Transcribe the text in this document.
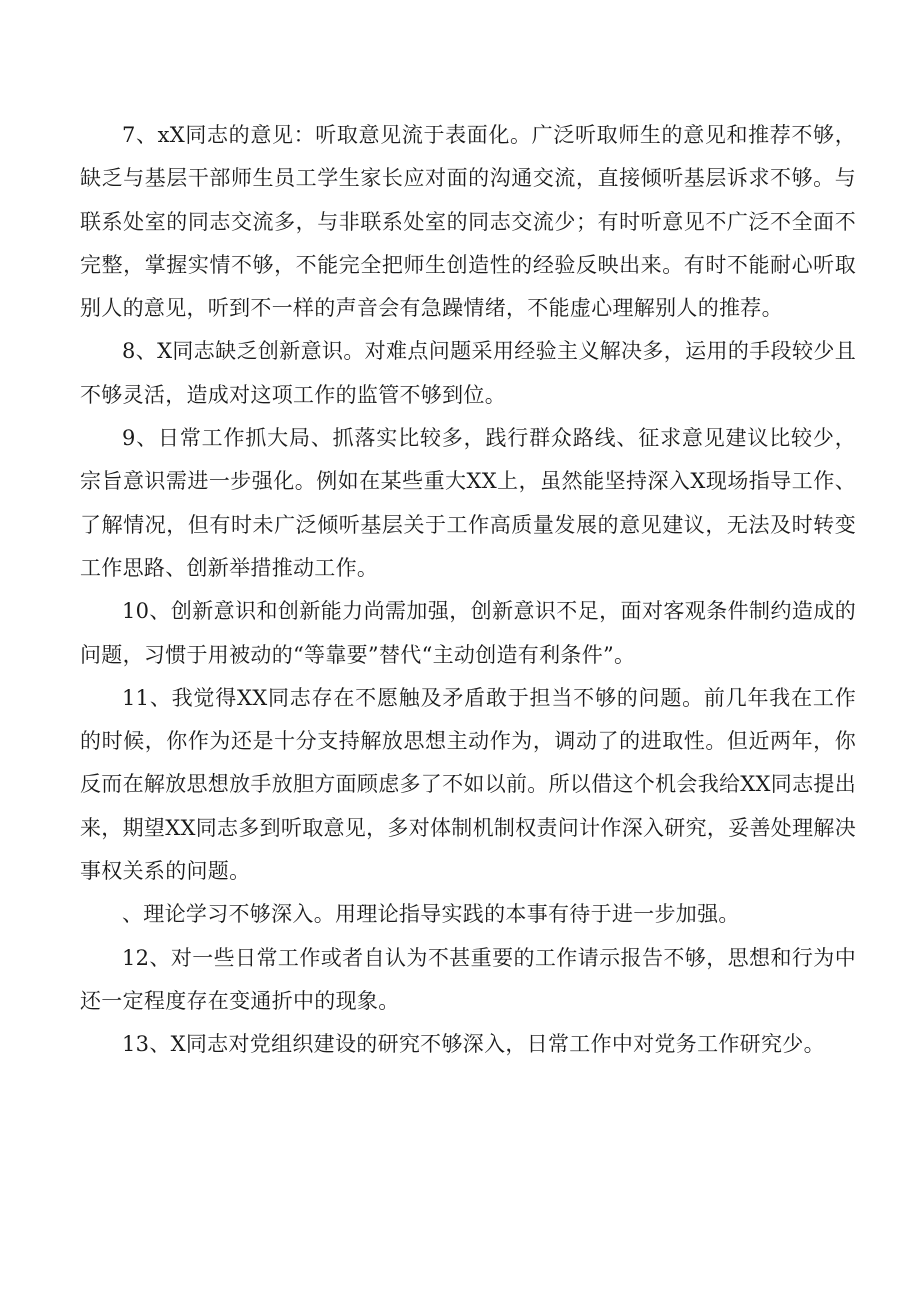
7、xX同志的意见：听取意见流于表面化。广泛听取师生的意见和推荐不够，缺乏与基层干部师生员工学生家长应对面的沟通交流，直接倾听基层诉求不够。与联系处室的同志交流多，与非联系处室的同志交流少；有时听意见不广泛不全面不完整，掌握实情不够，不能完全把师生创造性的经验反映出来。有时不能耐心听取别人的意见，听到不一样的声音会有急躁情绪，不能虚心理解别人的推荐。

8、X同志缺乏创新意识。对难点问题采用经验主义解决多，运用的手段较少且不够灵活，造成对这项工作的监管不够到位。

9、日常工作抓大局、抓落实比较多，践行群众路线、征求意见建议比较少，宗旨意识需进一步强化。例如在某些重大XX上，虽然能坚持深入X现场指导工作、了解情况，但有时未广泛倾听基层关于工作高质量发展的意见建议，无法及时转变工作思路、创新举措推动工作。

10、创新意识和创新能力尚需加强，创新意识不足，面对客观条件制约造成的问题，习惯于用被动的“等靠要”替代“主动创造有利条件”。

11、我觉得XX同志存在不愿触及矛盾敢于担当不够的问题。前几年我在工作的时候，你作为还是十分支持解放思想主动作为，调动了的进取性。但近两年，你反而在解放思想放手放胆方面顾虑多了不如以前。所以借这个机会我给XX同志提出来，期望XX同志多到听取意见，多对体制机制权责问计作深入研究，妥善处理解决事权关系的问题。

、理论学习不够深入。用理论指导实践的本事有待于进一步加强。

12、对一些日常工作或者自认为不甚重要的工作请示报告不够，思想和行为中还一定程度存在变通折中的现象。

13、X同志对党组织建设的研究不够深入，日常工作中对党务工作研究少。
